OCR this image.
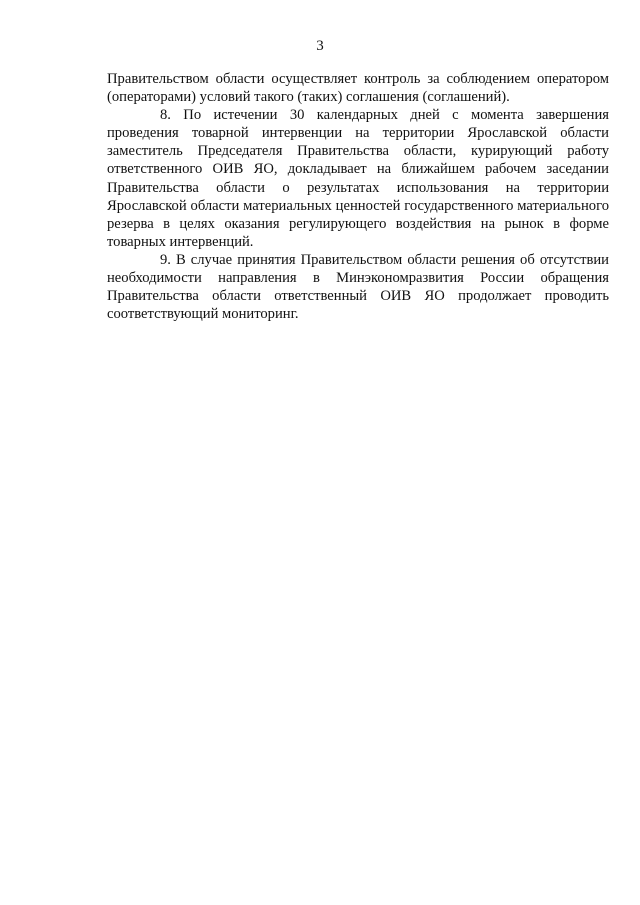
3

Правительством области осуществляет контроль за соблюдением оператором (операторами) условий такого (таких) соглашения (соглашений).

8. По истечении 30 календарных дней с момента завершения проведения товарной интервенции на территории Ярославской области заместитель Председателя Правительства области, курирующий работу ответственного ОИВ ЯО, докладывает на ближайшем рабочем заседании Правительства области о результатах использования на территории Ярославской области материальных ценностей государственного материального резерва в целях оказания регулирующего воздействия на рынок в форме товарных интервенций.

9. В случае принятия Правительством области решения об отсутствии необходимости направления в Минэкономразвития России обращения Правительства области ответственный ОИВ ЯО продолжает проводить соответствующий мониторинг.
